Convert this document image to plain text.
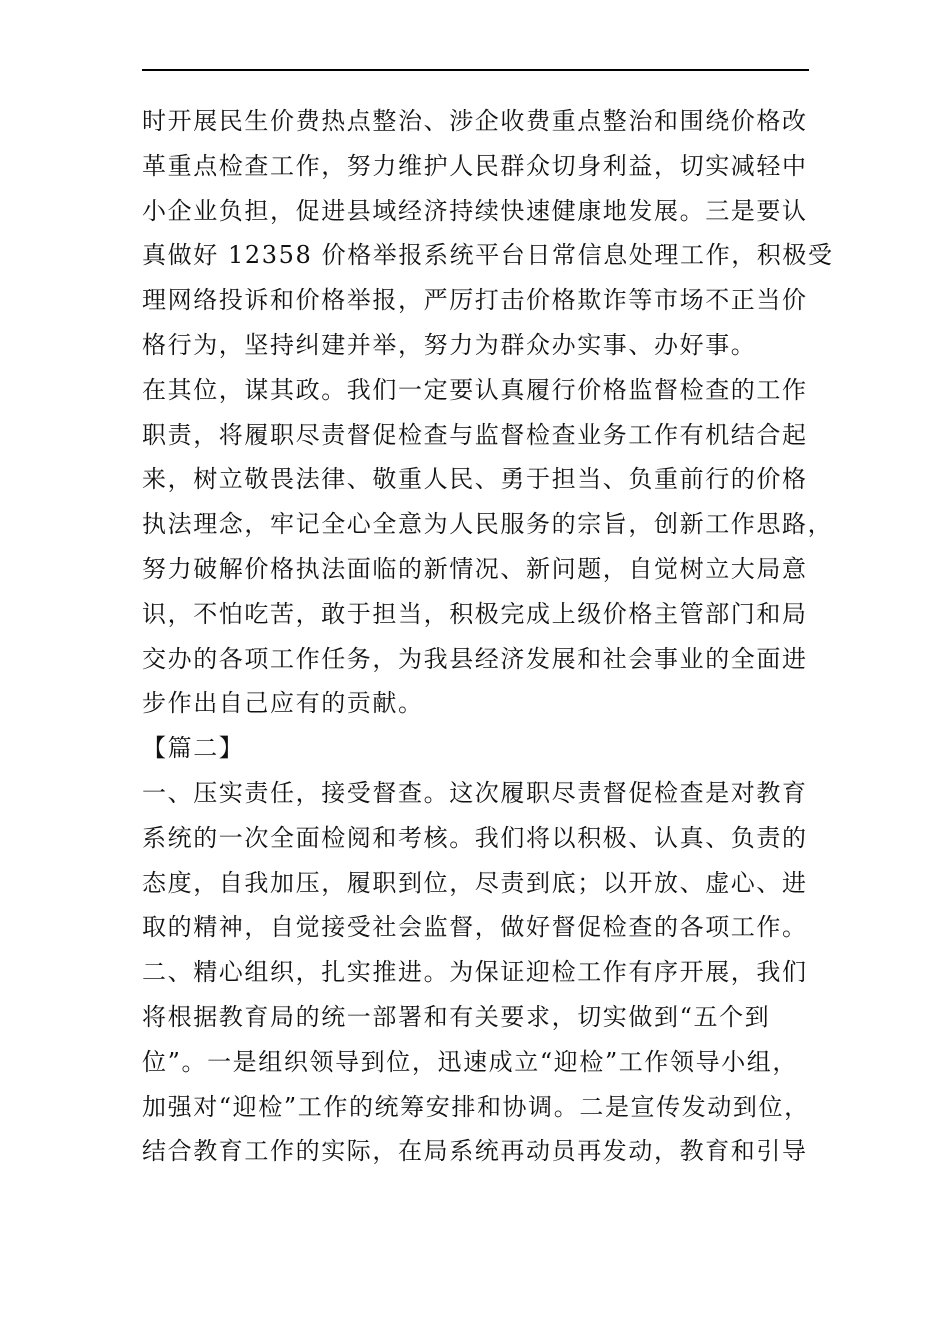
时开展民生价费热点整治、涉企收费重点整治和围绕价格改
革重点检查工作，努力维护人民群众切身利益，切实减轻中
小企业负担，促进县域经济持续快速健康地发展。三是要认
真做好 12358 价格举报系统平台日常信息处理工作，积极受
理网络投诉和价格举报，严厉打击价格欺诈等市场不正当价
格行为，坚持纠建并举，努力为群众办实事、办好事。
在其位，谋其政。我们一定要认真履行价格监督检查的工作
职责，将履职尽责督促检查与监督检查业务工作有机结合起
来，树立敬畏法律、敬重人民、勇于担当、负重前行的价格
执法理念，牢记全心全意为人民服务的宗旨，创新工作思路，
努力破解价格执法面临的新情况、新问题，自觉树立大局意
识，不怕吃苦，敢于担当，积极完成上级价格主管部门和局
交办的各项工作任务，为我县经济发展和社会事业的全面进
步作出自己应有的贡献。
【篇二】
一、压实责任，接受督查。这次履职尽责督促检查是对教育
系统的一次全面检阅和考核。我们将以积极、认真、负责的
态度，自我加压，履职到位，尽责到底；以开放、虚心、进
取的精神，自觉接受社会监督，做好督促检查的各项工作。
二、精心组织，扎实推进。为保证迎检工作有序开展，我们
将根据教育局的统一部署和有关要求，切实做到“五个到
位”。一是组织领导到位，迅速成立“迎检”工作领导小组，
加强对“迎检”工作的统筹安排和协调。二是宣传发动到位，
结合教育工作的实际，在局系统再动员再发动，教育和引导
